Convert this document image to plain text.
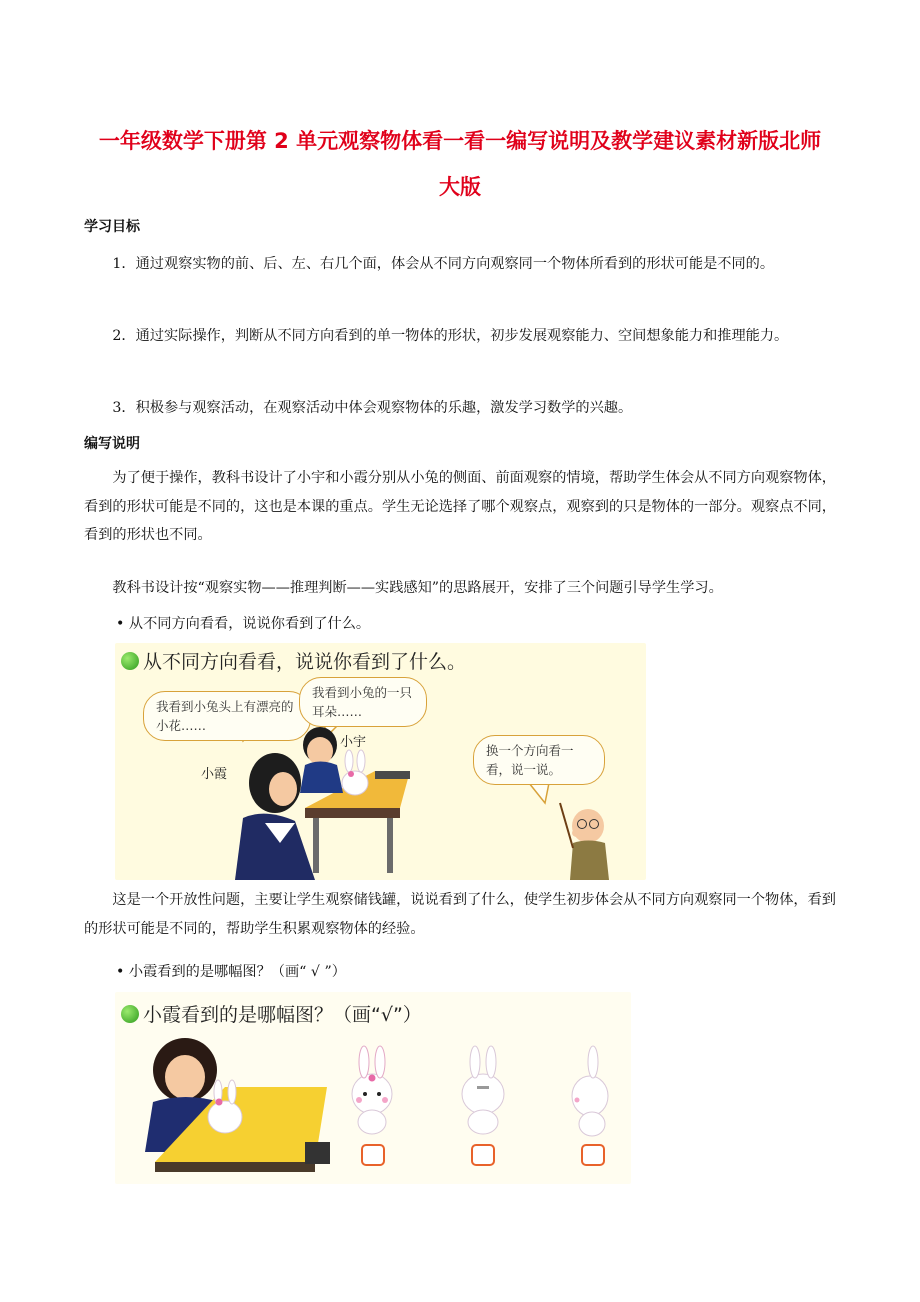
一年级数学下册第 2 单元观察物体看一看一编写说明及教学建议素材新版北师
大版
学习目标
1．通过观察实物的前、后、左、右几个面，体会从不同方向观察同一个物体所看到的形状可能是不同的。
2．通过实际操作，判断从不同方向看到的单一物体的形状，初步发展观察能力、空间想象能力和推理能力。
3．积极参与观察活动，在观察活动中体会观察物体的乐趣，激发学习数学的兴趣。
编写说明
为了便于操作，教科书设计了小宇和小霞分别从小兔的侧面、前面观察的情境，帮助学生体会从不同方向观察物体，看到的形状可能是不同的，这也是本课的重点。学生无论选择了哪个观察点，观察到的只是物体的一部分。观察点不同，看到的形状也不同。
教科书设计按“观察实物——推理判断——实践感知”的思路展开，安排了三个问题引导学生学习。
• 从不同方向看看，说说你看到了什么。
从不同方向看看，说说你看到了什么。
我看到小兔头上有漂亮的小花……
我看到小兔的一只耳朵……
换一个方向看一看，说一说。
小宇
小霞
这是一个开放性问题，主要让学生观察储钱罐，说说看到了什么，使学生初步体会从不同方向观察同一个物体，看到的形状可能是不同的，帮助学生积累观察物体的经验。
• 小霞看到的是哪幅图？（画“ √ ”）
小霞看到的是哪幅图？（画“√”）
